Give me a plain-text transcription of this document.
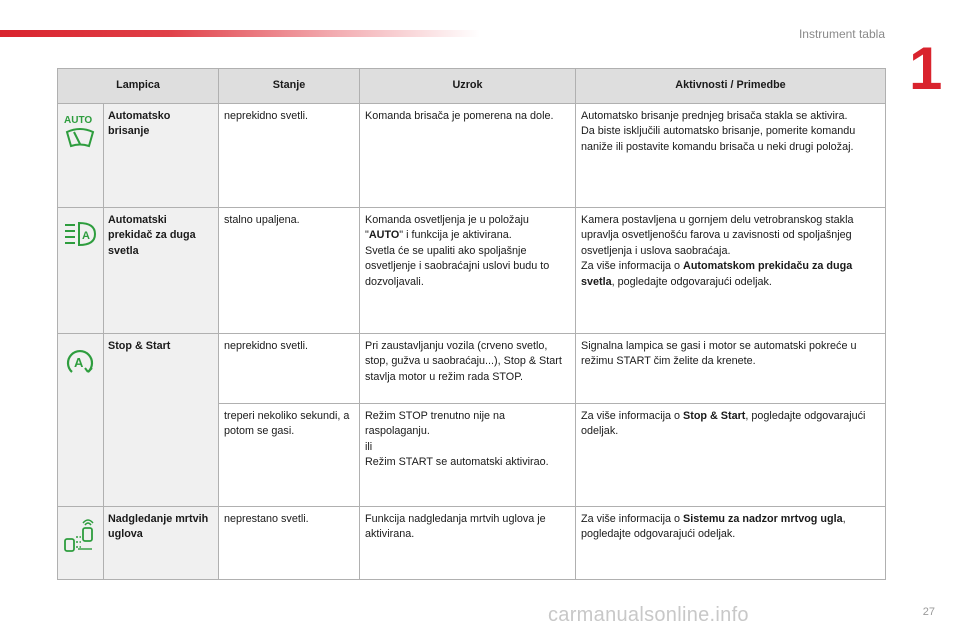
Instrument tabla
1
Lampica		Stanje	Uzrok	Aktivnosti / Primedbe

AUTO	Automatsko brisanje	neprekidno svetli.	Komanda brisača je pomerena na dole.	Automatsko brisanje prednjeg brisača stakla se aktivira.
Da biste isključili automatsko brisanje, pomerite komandu naniže ili postavite komandu brisača u neki drugi položaj.

A	Automatski prekidač za duga svetla	stalno upaljena.	Komanda osvetljenja je u položaju "AUTO" i funkcija je aktivirana.
Svetla će se upaliti ako spoljašnje osvetljenje i saobraćajni uslovi budu to dozvoljavali.	Kamera postavljena u gornjem delu vetrobranskog stakla upravlja osvetljenošću farova u zavisnosti od spoljašnjeg osvetljenja i uslova saobraćaja.
Za više informacija o Automatskom prekidaču za duga svetla, pogledajte odgovarajući odeljak.

A	Stop & Start	neprekidno svetli.	Pri zaustavljanju vozila (crveno svetlo, stop, gužva u saobraćaju...), Stop & Start stavlja motor u režim rada STOP.	Signalna lampica se gasi i motor se automatski pokreće u režimu START čim želite da krenete.
		treperi nekoliko sekundi, a potom se gasi.	Režim STOP trenutno nije na raspolaganju.
ili
Režim START se automatski aktivirao.	Za više informacija o Stop & Start, pogledajte odgovarajući odeljak.

	Nadgledanje mrtvih uglova	neprestano svetli.	Funkcija nadgledanja mrtvih uglova je aktivirana.	Za više informacija o Sistemu za nadzor mrtvog ugla, pogledajte odgovarajući odeljak.
carmanualsonline.info	27
